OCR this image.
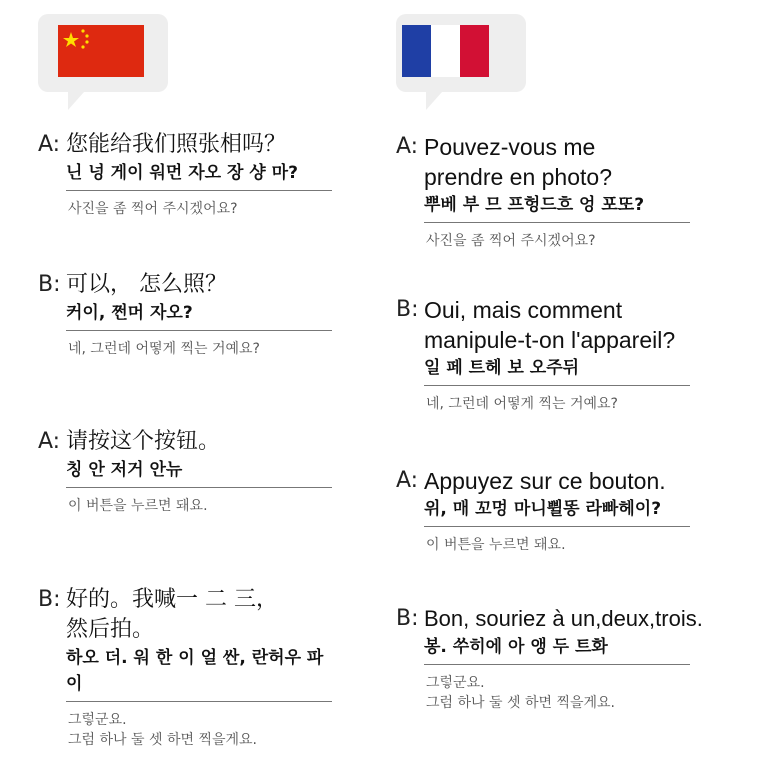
A: 您能给我们照张相吗？
닌 넝 게이 워먼 자오 장 샹 마?
사진을 좀 찍어 주시겠어요?
B: 可以， 怎么照？
커이, 쩐머 자오?
네, 그런데 어떻게 찍는 거예요?
A: 请按这个按钮。
칭 안 저거 안뉴
이 버튼을 누르면 돼요.
B: 好的。我喊一 二 三，
然后拍。
하오 더. 워 한 이 얼 싼, 란허우 파이
그렇군요.
그럼 하나 둘 셋 하면 찍을게요.
A: Pouvez-vous me
prendre en photo?
뿌베 부 므 프헝드흐 엉 포또?
사진을 좀 찍어 주시겠어요?
B: Oui, mais comment
manipule-t-on l'appareil?
일 페 트헤 보 오주뒤
네, 그런데 어떻게 찍는 거예요?
A: Appuyez sur ce bouton.
위, 매 꼬멍 마니쀨똥 라빠헤이?
이 버튼을 누르면 돼요.
B: Bon, souriez à un,deux,trois.
봉. 쑤히에 아 앵 두 트화
그렇군요.
그럼 하나 둘 셋 하면 찍을게요.
